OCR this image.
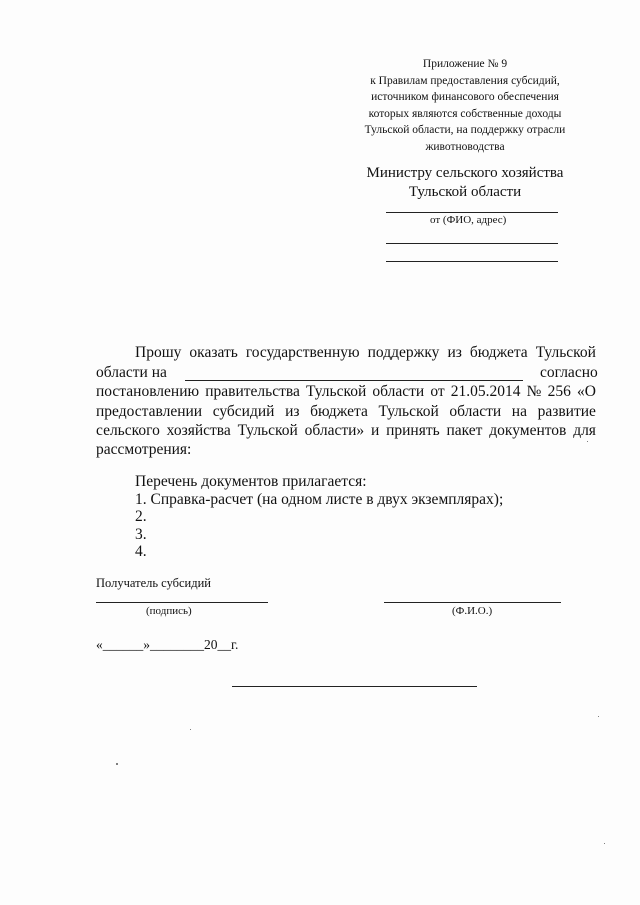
Приложение № 9
к Правилам предоставления субсидий,
источником финансового обеспечения
которых являются собственные доходы
Тульской области, на поддержку отрасли
животноводства
Министру сельского хозяйства
Тульской области
от (ФИО, адрес)
Прошу оказать государственную поддержку из бюджета Тульской
области на	согласно
постановлению правительства Тульской области от 21.05.2014 № 256 «О
предоставлении субсидий из бюджета Тульской области на развитие
сельского хозяйства Тульской области» и принять пакет документов для
рассмотрения:
Перечень документов прилагается:
1. Справка-расчет (на одном листе в двух экземплярах);
2.
3.
4.
Получатель субсидий
(подпись)	(Ф.И.О.)
«______»________20__г.
